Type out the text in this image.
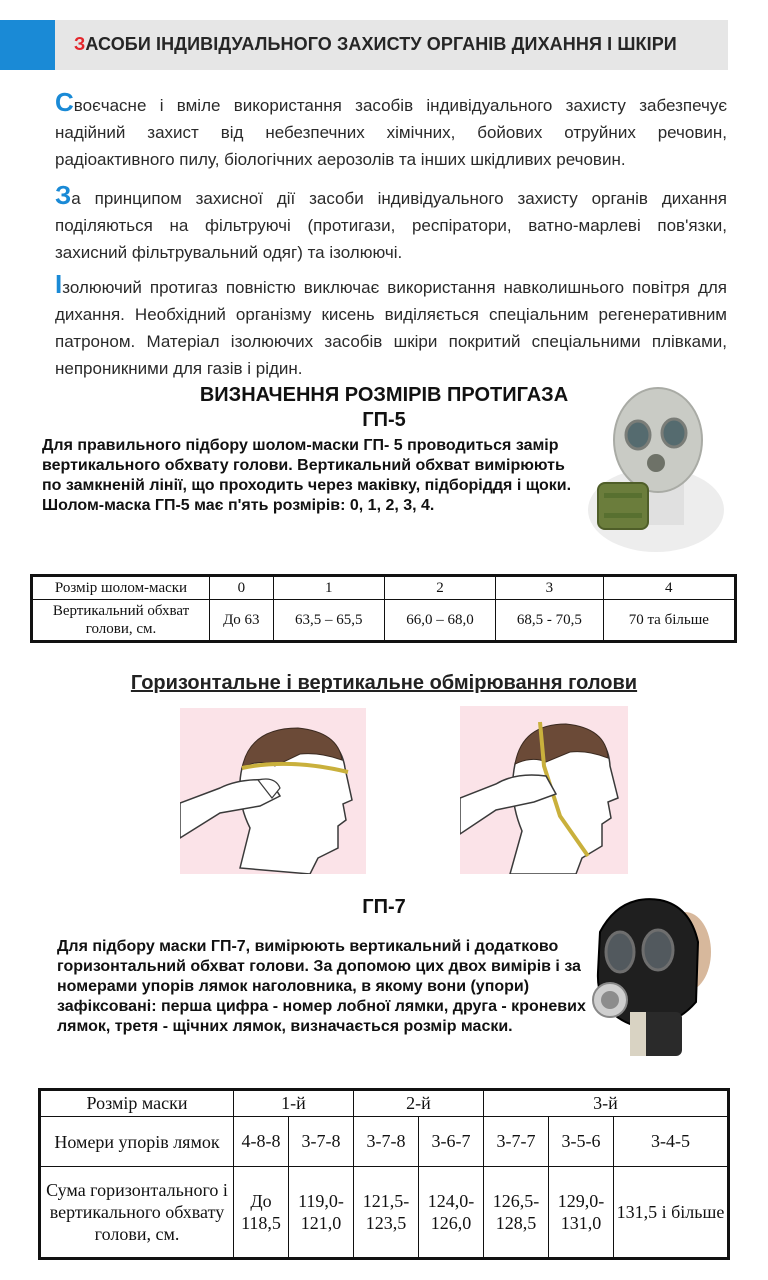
ЗАСОБИ ІНДИВІДУАЛЬНОГО ЗАХИСТУ ОРГАНІВ ДИХАННЯ І ШКІРИ
Своєчасне і вміле використання засобів індивідуального захисту забезпечує надійний захист від небезпечних хімічних, бойових отруйних речовин, радіоактивного пилу, біологічних аерозолів та інших шкідливих речовин.
За принципом захисної дії засоби індивідуального захисту органів дихання поділяються на фільтруючі (протигази, респіратори, ватно-марлеві пов'язки, захисний фільтрувальний одяг) та ізолюючі.
Ізолюючий протигаз повністю виключає використання навколишнього повітря для дихання. Необхідний організму кисень виділяється спеціальним регенеративним патроном. Матеріал ізолюючих засобів шкіри покритий спеціальними плівками, непроникними для газів і рідин.
ВИЗНАЧЕННЯ РОЗМІРІВ ПРОТИГАЗА
ГП-5
Для правильного підбору шолом-маски ГП- 5 проводиться замір вертикального обхвату голови. Вертикальний обхват вимірюють по замкненій лінії, що проходить через маківку, підборіддя і щоки. Шолом-маска ГП-5 має п'ять розмірів: 0, 1, 2, 3, 4.
Розмір шолом-маски	0	1	2	3	4
Вертикальний обхват голови, см.	До 63	63,5 – 65,5	66,0 – 68,0	68,5 - 70,5	70 та більше
Горизонтальне і вертикальне обмірювання голови
ГП-7
Для підбору маски ГП-7, вимірюють вертикальний і додатково горизонтальний обхват голови. За допомою цих двох вимірів і за номерами упорів лямок наголовника, в якому вони (упори) зафіксовані: перша цифра - номер лобної лямки, друга - кроневих лямок, третя - щічних лямок, визначається розмір маски.
Розмір маски	1-й		2-й		3-й		
Номери упорів лямок	4-8-8	3-7-8	3-7-8	3-6-7	3-7-7	3-5-6	3-4-5
Сума горизонтального і вертикального обхвату голови, см.	До 118,5	119,0-121,0	121,5-123,5	124,0-126,0	126,5-128,5	129,0-131,0	131,5 і більше
